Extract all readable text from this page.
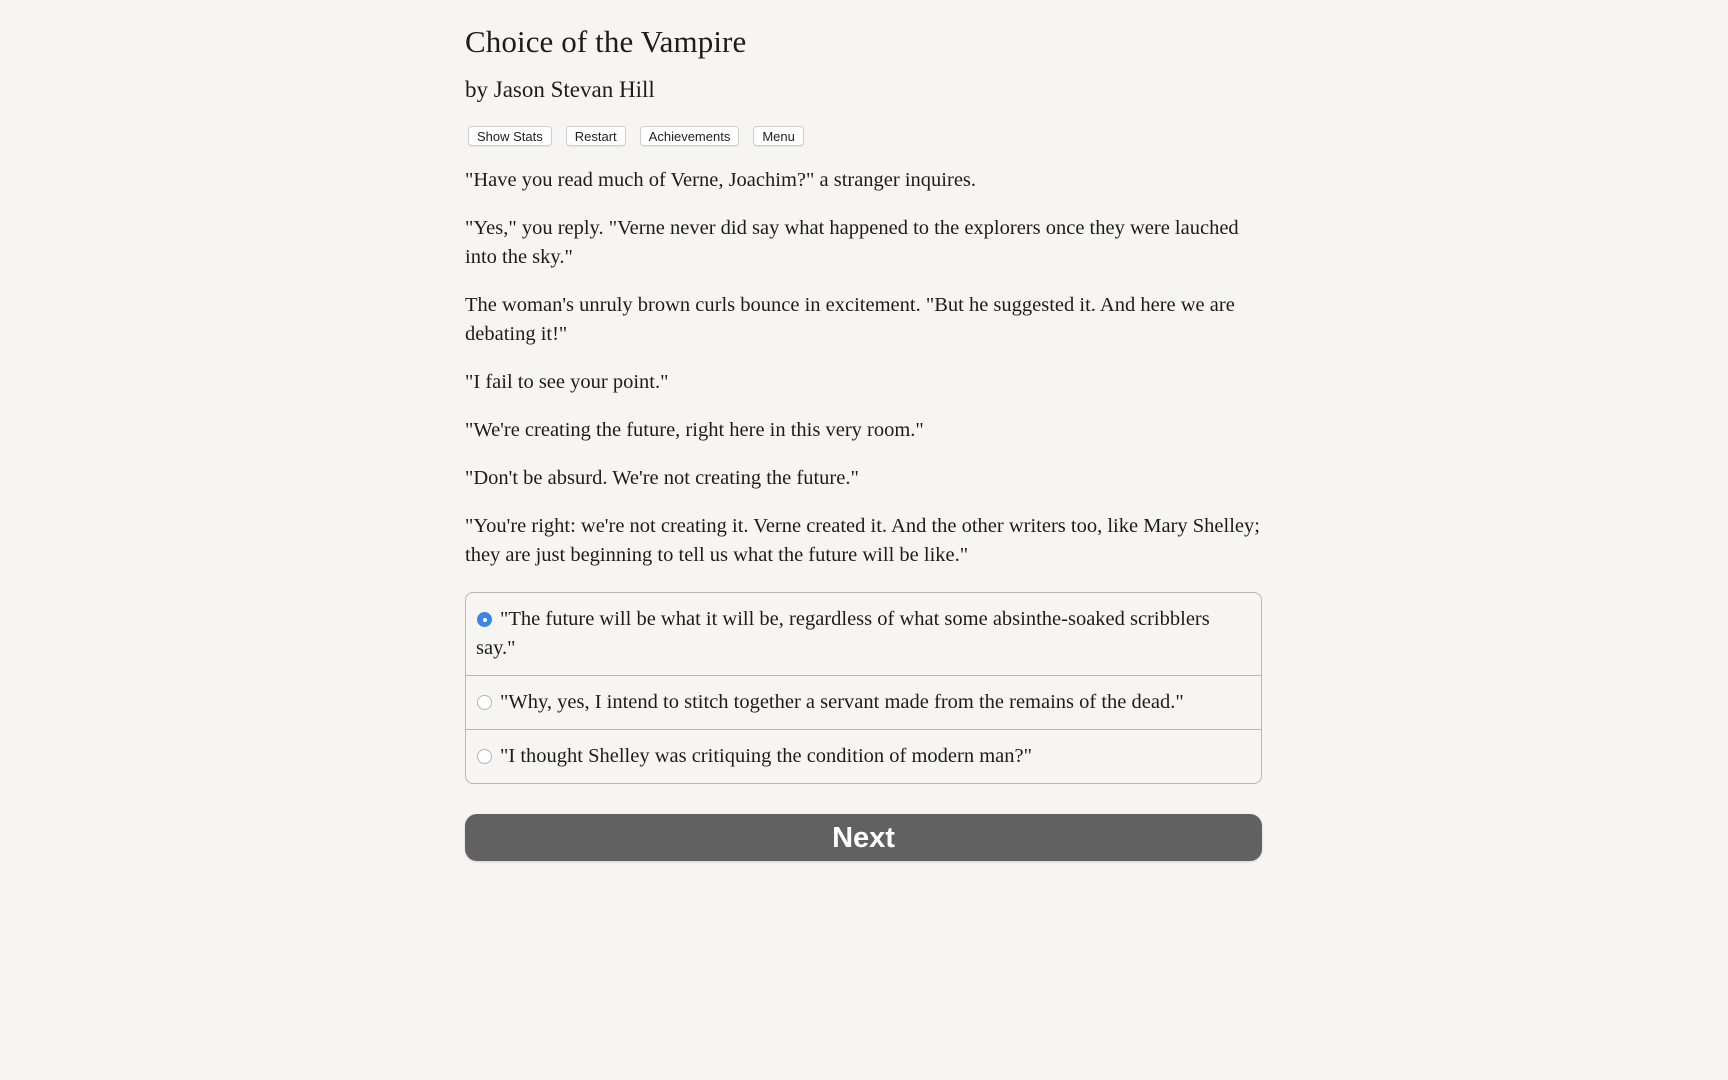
Choice of the Vampire
by Jason Stevan Hill
Show Stats	Restart	Achievements	Menu

"Have you read much of Verne, Joachim?" a stranger inquires.

"Yes," you reply. "Verne never did say what happened to the explorers once they were lauched into the sky."

The woman's unruly brown curls bounce in excitement. "But he suggested it. And here we are debating it!"

"I fail to see your point."

"We're creating the future, right here in this very room."

"Don't be absurd. We're not creating the future."

"You're right: we're not creating it. Verne created it. And the other writers too, like Mary Shelley; they are just beginning to tell us what the future will be like."

"The future will be what it will be, regardless of what some absinthe-soaked scribblers say."
"Why, yes, I intend to stitch together a servant made from the remains of the dead."
"I thought Shelley was critiquing the condition of modern man?"
Next
